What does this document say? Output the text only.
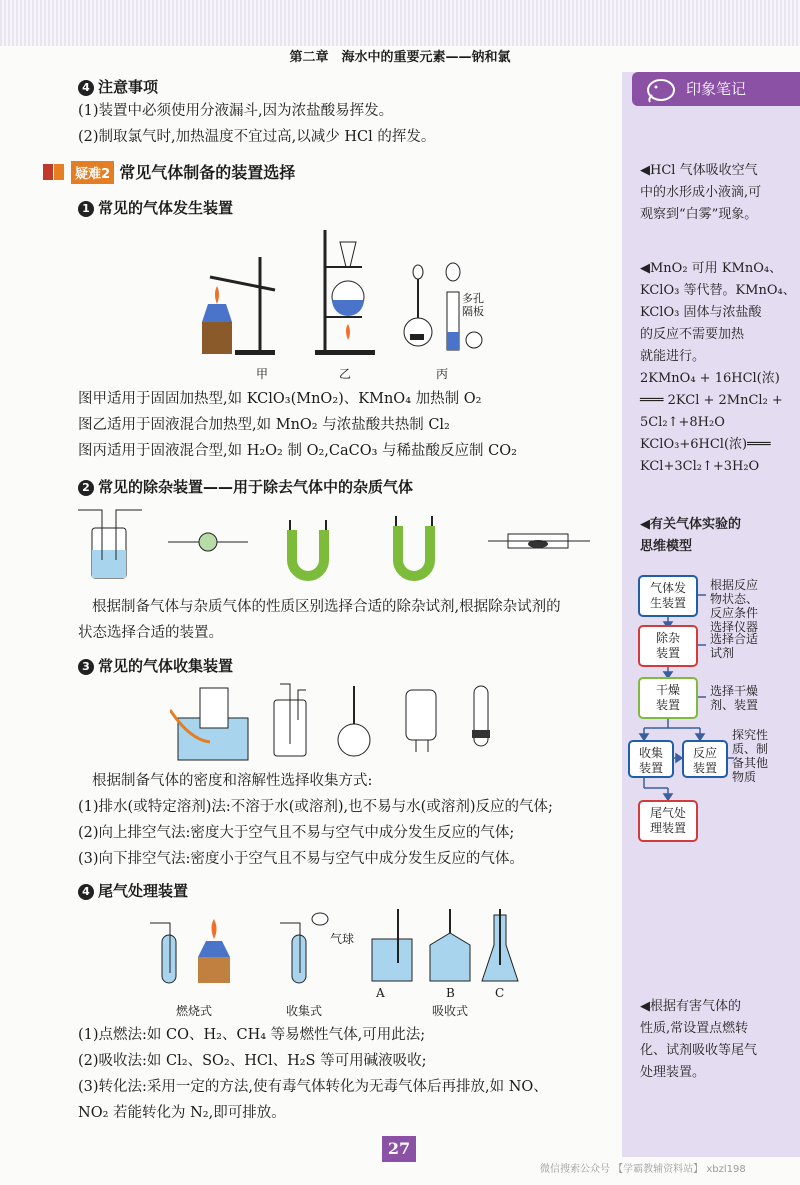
第二章　海水中的重要元素——钠和氯
印象笔记
◀HCl 气体吸收空气
中的水形成小液滴,可
观察到“白雾”现象。
◀MnO₂ 可用 KMnO₄、
KClO₃ 等代替。KMnO₄、
KClO₃ 固体与浓盐酸
的反应不需要加热
就能进行。
2KMnO₄ + 16HCl(浓)
═══ 2KCl + 2MnCl₂ +
5Cl₂↑+8H₂O
KClO₃+6HCl(浓)═══
KCl+3Cl₂↑+3H₂O
◀有关气体实验的
思维模型
气体发
生装置
除杂
装置
干燥
装置
收集
装置
反应
装置
尾气处
理装置
根据反应
物状态、
反应条件
选择仪器
选择合适
试剂
选择干燥
剂、装置
探究性
质、制
备其他
物质
◀根据有害气体的
性质,常设置点燃转
化、试剂吸收等尾气
处理装置。
4 注意事项
(1)装置中必须使用分液漏斗,因为浓盐酸易挥发。
(2)制取氯气时,加热温度不宜过高,以减少 HCl 的挥发。
疑难2 常见气体制备的装置选择
1 常见的气体发生装置
多孔
隔板
甲	乙	丙
图甲适用于固固加热型,如 KClO₃(MnO₂)、KMnO₄ 加热制 O₂
图乙适用于固液混合加热型,如 MnO₂ 与浓盐酸共热制 Cl₂
图丙适用于固液混合型,如 H₂O₂ 制 O₂,CaCO₃ 与稀盐酸反应制 CO₂
2 常见的除杂装置——用于除去气体中的杂质气体
根据制备气体与杂质气体的性质区别选择合适的除杂试剂,根据除杂试剂的
状态选择合适的装置。
3 常见的气体收集装置
根据制备气体的密度和溶解性选择收集方式:
(1)排水(或特定溶剂)法:不溶于水(或溶剂),也不易与水(或溶剂)反应的气体;
(2)向上排空气法:密度大于空气且不易与空气中成分发生反应的气体;
(3)向下排空气法:密度小于空气且不易与空气中成分发生反应的气体。
4 尾气处理装置
气球
A	B	C
燃烧式	收集式	吸收式
(1)点燃法:如 CO、H₂、CH₄ 等易燃性气体,可用此法;
(2)吸收法:如 Cl₂、SO₂、HCl、H₂S 等可用碱液吸收;
(3)转化法:采用一定的方法,使有毒气体转化为无毒气体后再排放,如 NO、
NO₂ 若能转化为 N₂,即可排放。
27
微信搜索公众号 【学霸教辅资料站】 xbzl198
